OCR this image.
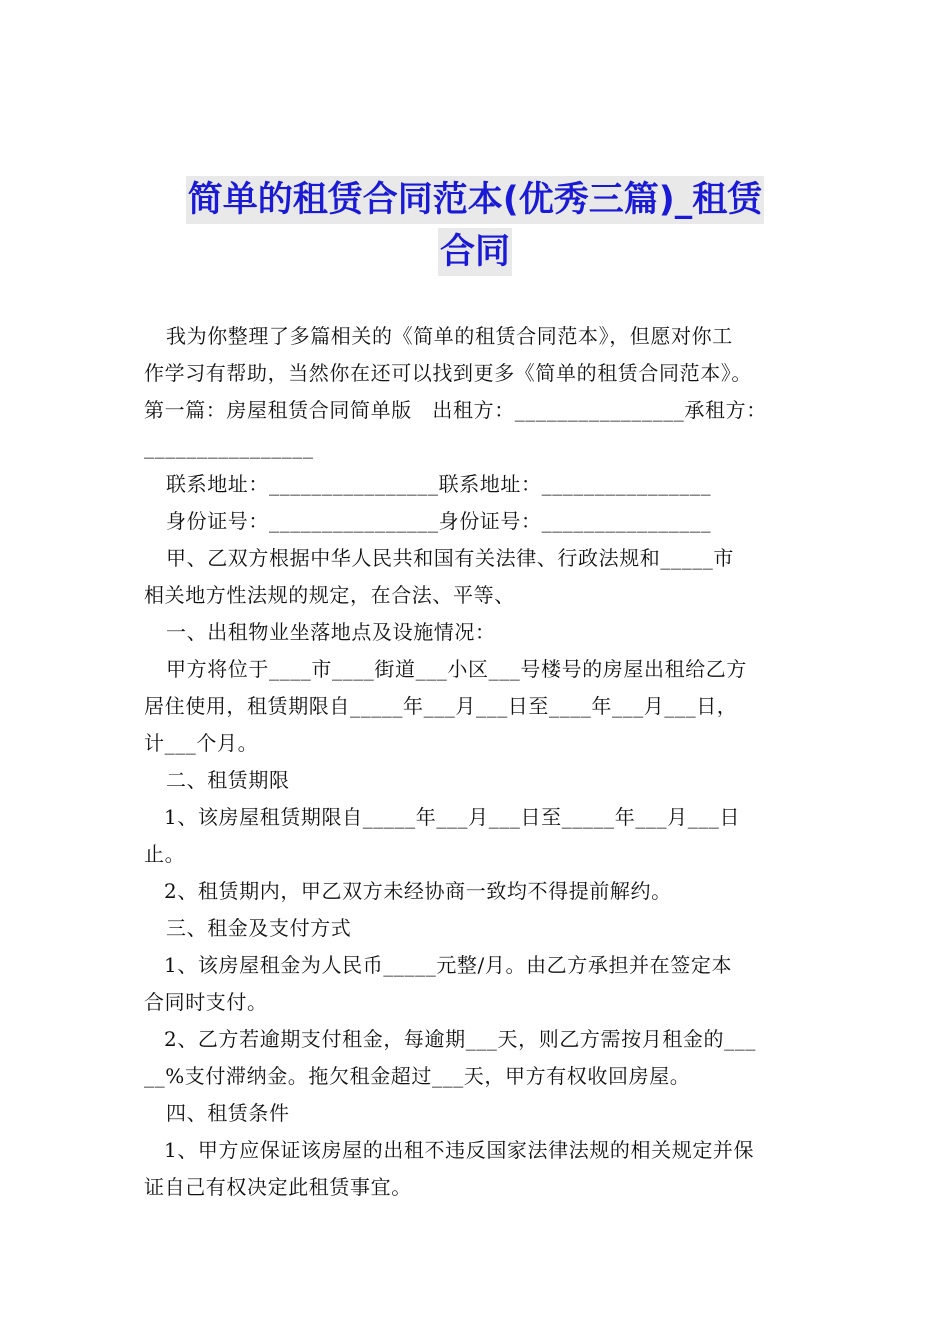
简单的租赁合同范本(优秀三篇)_租赁
合同

我为你整理了多篇相关的《简单的租赁合同范本》，但愿对你工

作学习有帮助，当然你在还可以找到更多《简单的租赁合同范本》。

第一篇：房屋租赁合同简单版　出租方：________________承租方：

________________

联系地址：________________联系地址：________________

身份证号：________________身份证号：________________

甲、乙双方根据中华人民共和国有关法律、行政法规和_____市

相关地方性法规的规定，在合法、平等、

一、出租物业坐落地点及设施情况：

甲方将位于____市____街道___小区___号楼号的房屋出租给乙方

居住使用，租赁期限自_____年___月___日至____年___月___日，

计___个月。

二、租赁期限

1、该房屋租赁期限自_____年___月___日至_____年___月___日

止。

2、租赁期内，甲乙双方未经协商一致均不得提前解约。

三、租金及支付方式

1、该房屋租金为人民币_____元整/月。由乙方承担并在签定本

合同时支付。

2、乙方若逾期支付租金，每逾期___天，则乙方需按月租金的___

__%支付滞纳金。拖欠租金超过___天，甲方有权收回房屋。

四、租赁条件

1、甲方应保证该房屋的出租不违反国家法律法规的相关规定并保

证自己有权决定此租赁事宜。
